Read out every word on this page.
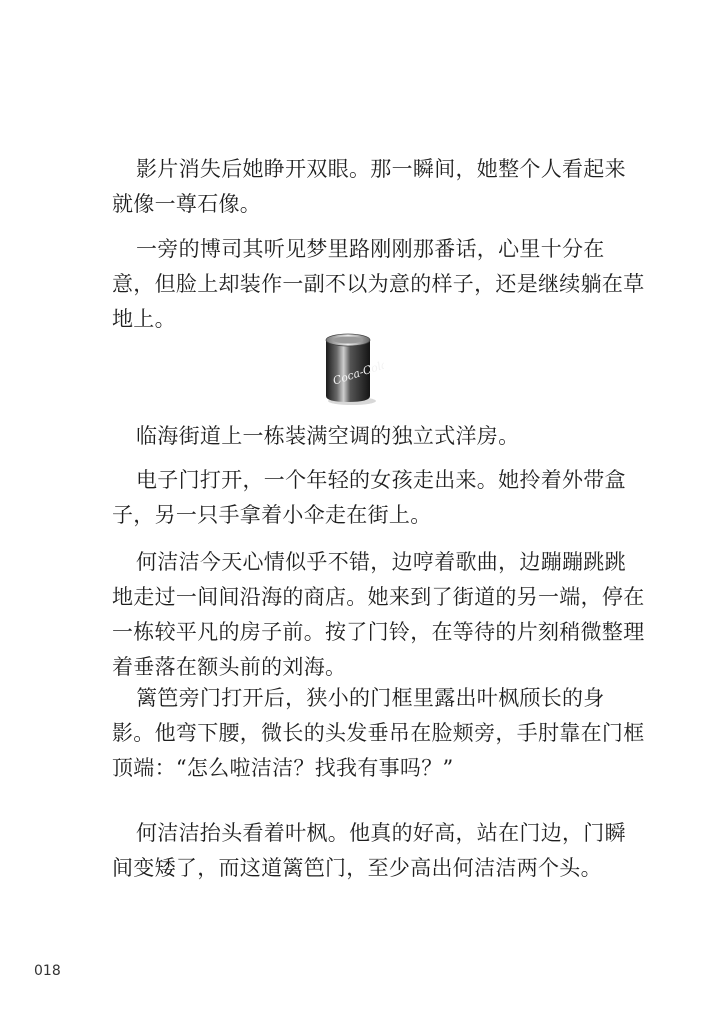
影片消失后她睁开双眼。那一瞬间，她整个人看起来
就像一尊石像。
一旁的博司其听见梦里路刚刚那番话，心里十分在
意，但脸上却装作一副不以为意的样子，还是继续躺在草
地上。
Coca-Cola
临海街道上一栋装满空调的独立式洋房。
电子门打开，一个年轻的女孩走出来。她拎着外带盒
子，另一只手拿着小伞走在街上。
何洁洁今天心情似乎不错，边哼着歌曲，边蹦蹦跳跳
地走过一间间沿海的商店。她来到了街道的另一端，停在
一栋较平凡的房子前。按了门铃，在等待的片刻稍微整理
着垂落在额头前的刘海。
篱笆旁门打开后，狭小的门框里露出叶枫颀长的身
影。他弯下腰，微长的头发垂吊在脸颊旁，手肘靠在门框
顶端：“怎么啦洁洁？找我有事吗？”
何洁洁抬头看着叶枫。他真的好高，站在门边，门瞬
间变矮了，而这道篱笆门，至少高出何洁洁两个头。
018
